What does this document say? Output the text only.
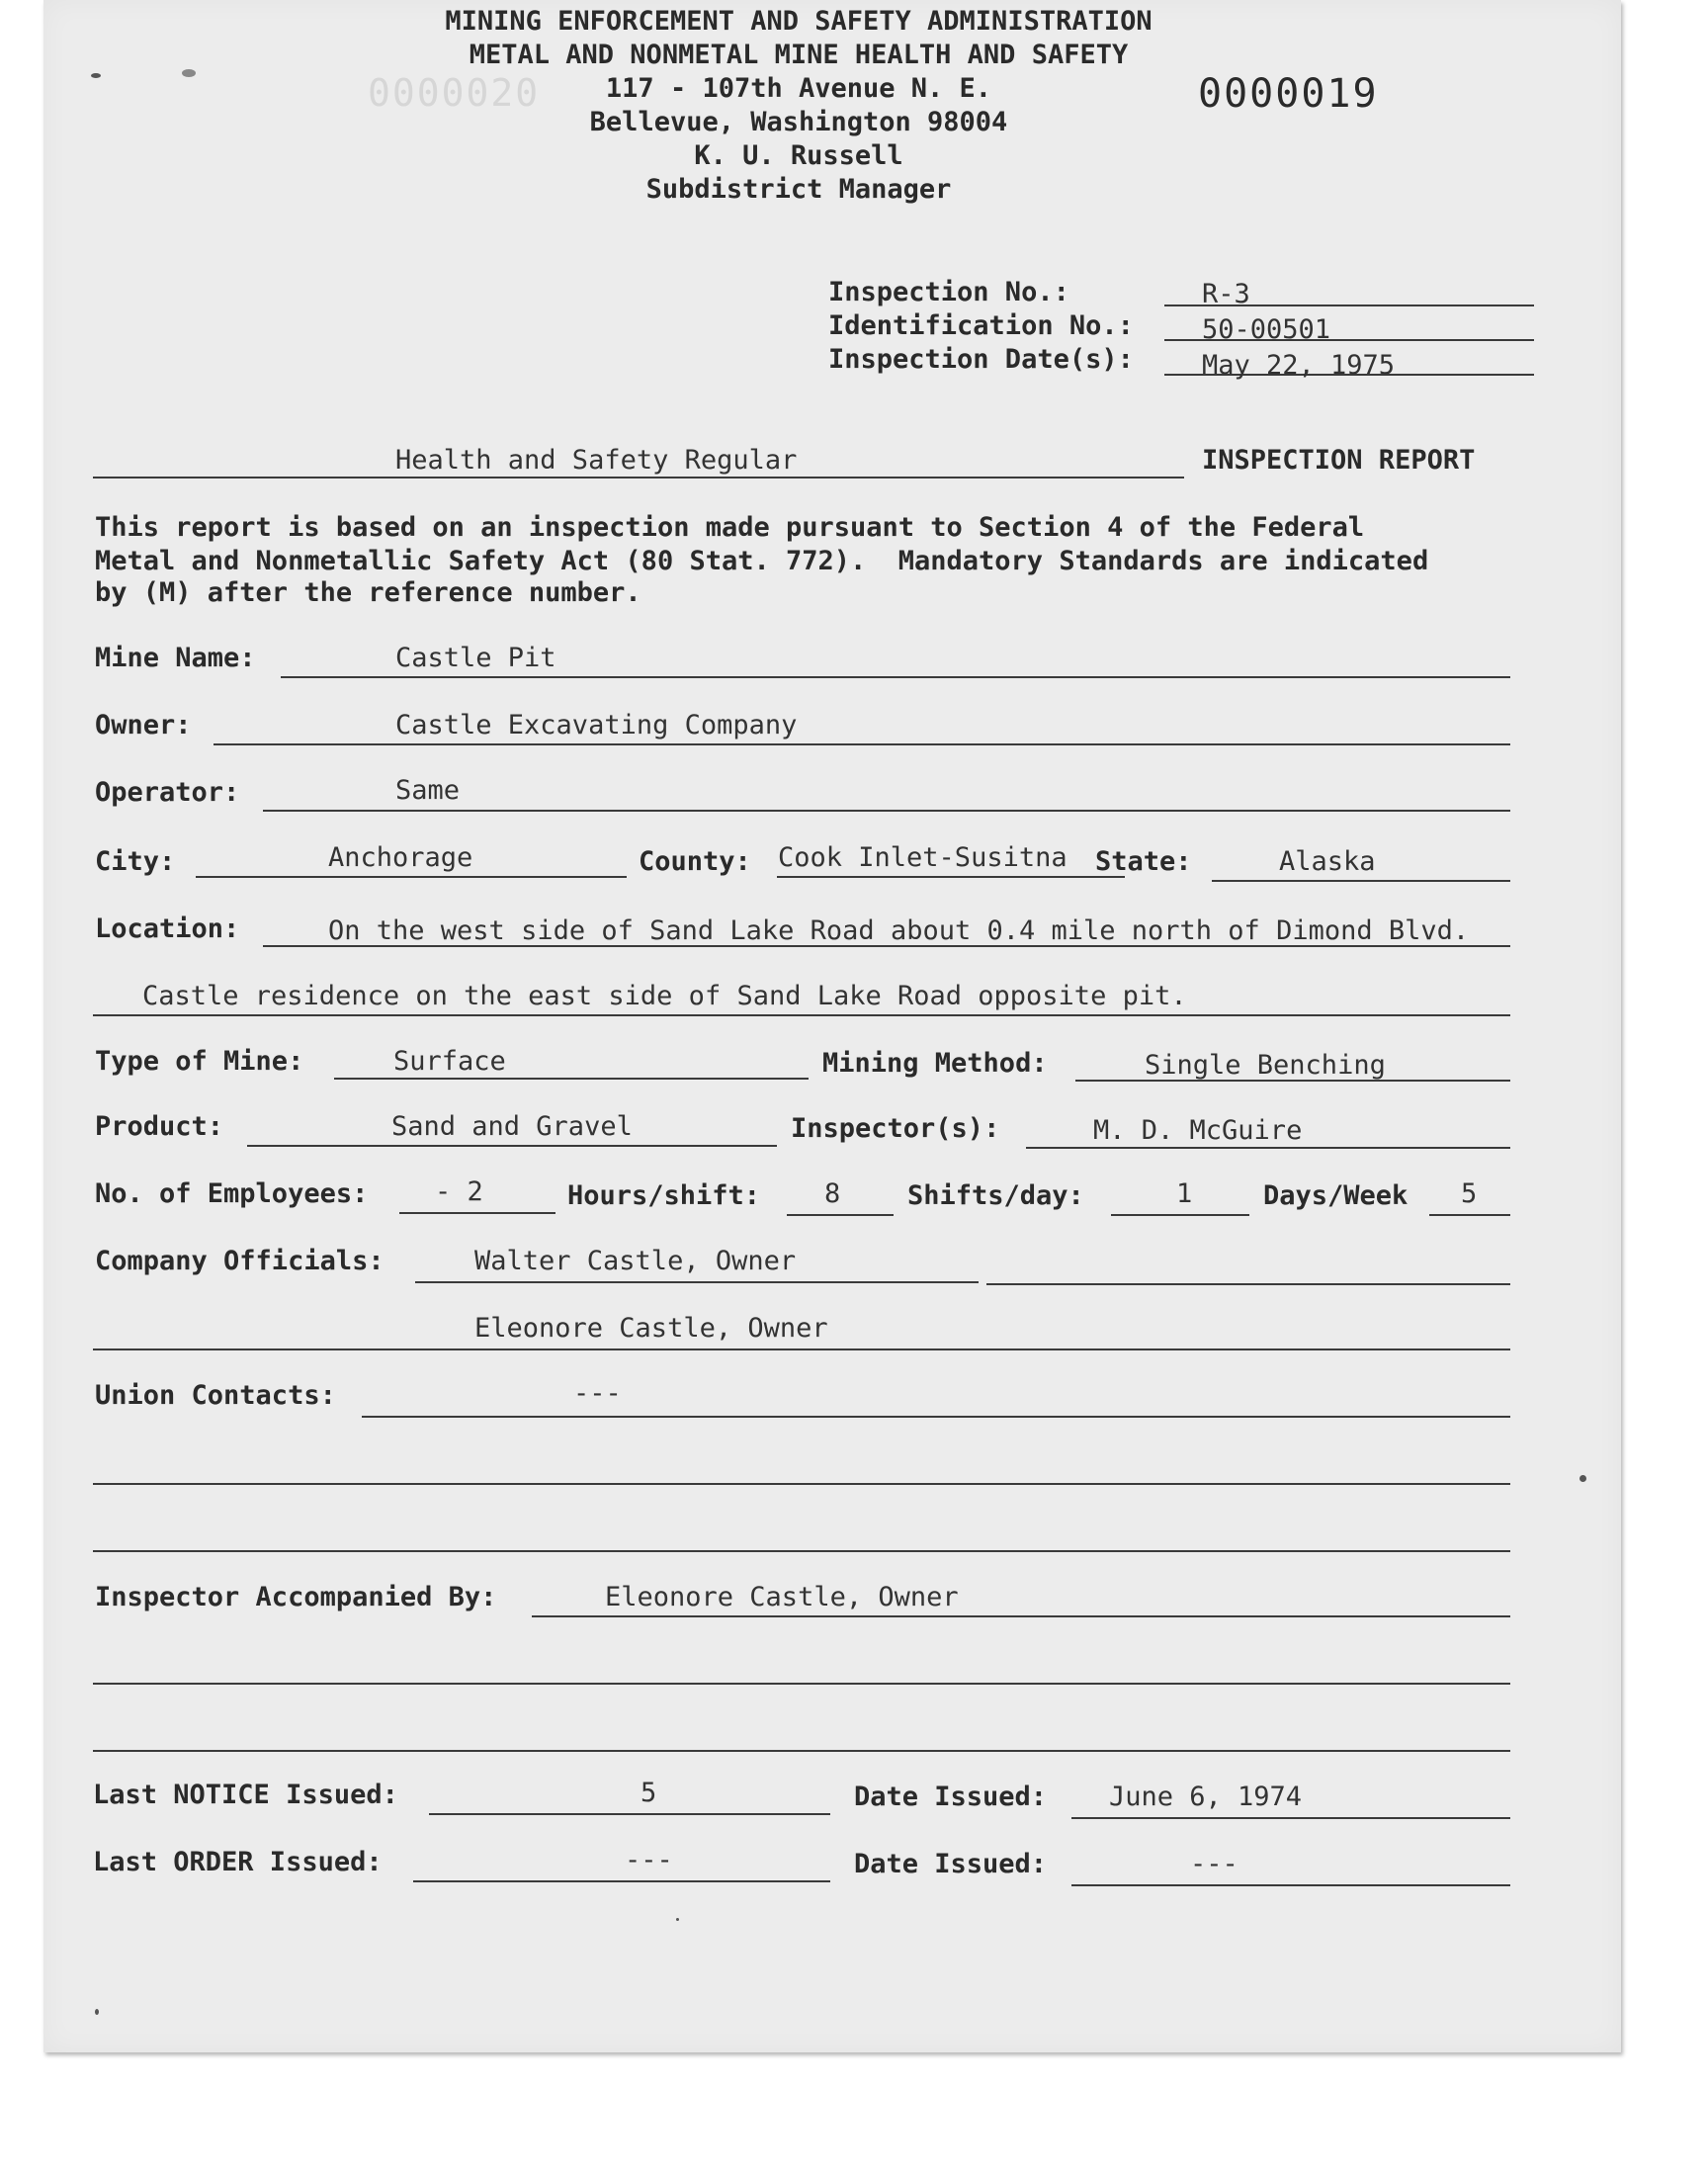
0000020
MINING ENFORCEMENT AND SAFETY ADMINISTRATION
METAL AND NONMETAL MINE HEALTH AND SAFETY
117 - 107th Avenue N. E.
Bellevue, Washington 98004
K. U. Russell
Subdistrict Manager
0000019
Inspection No.:	R-3
Identification No.:	50-00501
Inspection Date(s):	May 22, 1975
Health and Safety Regular	INSPECTION REPORT
This report is based on an inspection made pursuant to Section 4 of the Federal
Metal and Nonmetallic Safety Act (80 Stat. 772).  Mandatory Standards are indicated
by (M) after the reference number.
Mine Name:	Castle Pit
Owner:	Castle Excavating Company
Operator:	Same
City:	Anchorage	County: Cook Inlet-Susitna State:	Alaska
Location:	On the west side of Sand Lake Road about 0.4 mile north of Dimond Blvd.
Castle residence on the east side of Sand Lake Road opposite pit.
Type of Mine:	Surface	Mining Method:	Single Benching
Product:	Sand and Gravel	Inspector(s):	M. D. McGuire
No. of Employees:	- 2	Hours/shift: 8	Shifts/day:	1	Days/Week 5
Company Officials:	Walter Castle, Owner
Eleonore Castle, Owner
Union Contacts:	---
Inspector Accompanied By:	Eleonore Castle, Owner
Last NOTICE Issued:	5	Date Issued: June 6, 1974
Last ORDER Issued:	---	Date Issued:	---
